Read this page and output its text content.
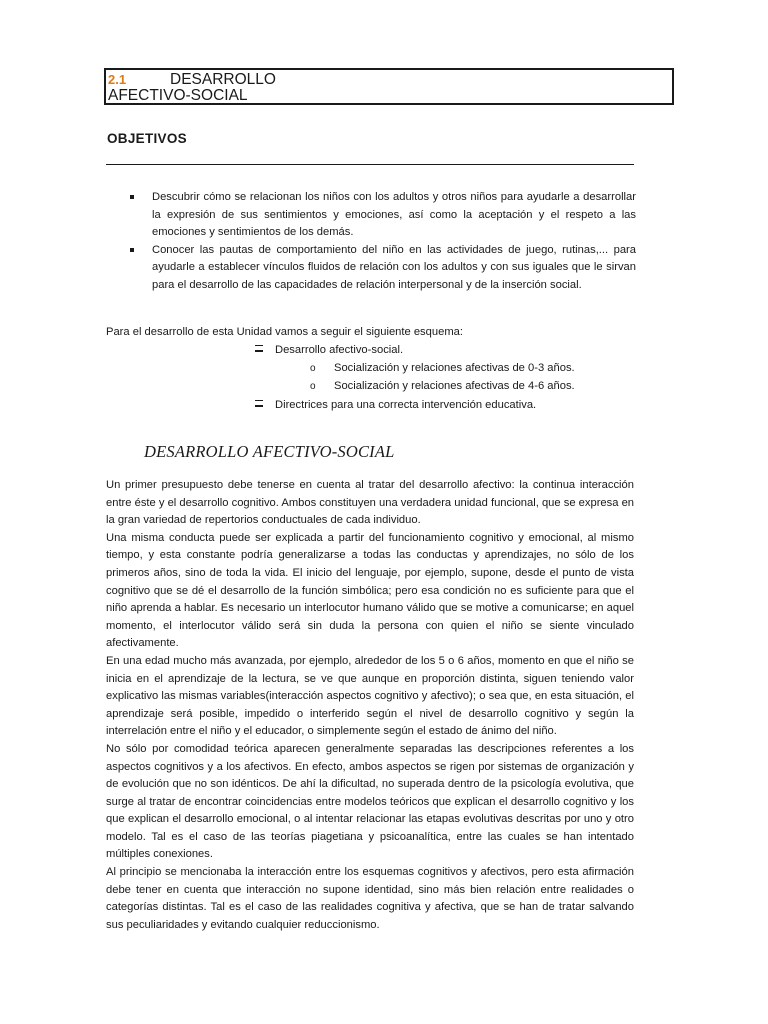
2.1	DESARROLLO
AFECTIVO-SOCIAL
OBJETIVOS
Descubrir cómo se relacionan los niños con los adultos y otros niños para ayudarle a desarrollar la expresión de sus sentimientos y emociones, así como la aceptación y el respeto a las emociones y sentimientos de los demás.
Conocer las pautas de comportamiento del niño en las actividades de juego, rutinas,... para ayudarle a establecer vínculos fluidos de relación con los adultos y con sus iguales que le sirvan para el desarrollo de las capacidades de relación interpersonal y de la inserción social.
Para el desarrollo de esta Unidad vamos a seguir el siguiente esquema:
Desarrollo afectivo-social.
o Socialización y relaciones afectivas de 0-3 años.
o Socialización y relaciones afectivas de 4-6 años.
Directrices para una correcta intervención educativa.
DESARROLLO AFECTIVO-SOCIAL

Un primer presupuesto debe tenerse en cuenta al tratar del desarrollo afectivo: la continua interacción entre éste y el desarrollo cognitivo. Ambos constituyen una verdadera unidad funcional, que se expresa en la gran variedad de repertorios conductuales de cada individuo.

Una misma conducta puede ser explicada a partir del funcionamiento cognitivo y emocional, al mismo tiempo, y esta constante podría generalizarse a todas las conductas y aprendizajes, no sólo de los primeros años, sino de toda la vida. El inicio del lenguaje, por ejemplo, supone, desde el punto de vista cognitivo que se dé el desarrollo de la función simbólica; pero esa condición no es suficiente para que el niño aprenda a hablar. Es necesario un interlocutor humano válido que se motive a comunicarse; en aquel momento, el interlocutor válido será sin duda la persona con quien el niño se siente vinculado afectivamente.

En una edad mucho más avanzada, por ejemplo, alrededor de los 5 o 6 años, momento en que el niño se inicia en el aprendizaje de la lectura, se ve que aunque en proporción distinta, siguen teniendo valor explicativo las mismas variables(interacción aspectos cognitivo y afectivo); o sea que, en esta situación, el aprendizaje será posible, impedido o interferido según el nivel de desarrollo cognitivo y según la interrelación entre el niño y el educador, o simplemente según el estado de ánimo del niño.

No sólo por comodidad teórica aparecen generalmente separadas las descripciones referentes a los aspectos cognitivos y a los afectivos. En efecto, ambos aspectos se rigen por sistemas de organización y de evolución que no son idénticos. De ahí la dificultad, no superada dentro de la psicología evolutiva, que surge al tratar de encontrar coincidencias entre modelos teóricos que explican el desarrollo cognitivo y los que explican el desarrollo emocional, o al intentar relacionar las etapas evolutivas descritas por uno y otro modelo. Tal es el caso de las teorías piagetiana y psicoanalítica, entre las cuales se han intentado múltiples conexiones.

Al principio se mencionaba la interacción entre los esquemas cognitivos y afectivos, pero esta afirmación debe tener en cuenta que interacción no supone identidad, sino más bien relación entre realidades o categorías distintas. Tal es el caso de las realidades cognitiva y afectiva, que se han de tratar salvando sus peculiaridades y evitando cualquier reduccionismo.
